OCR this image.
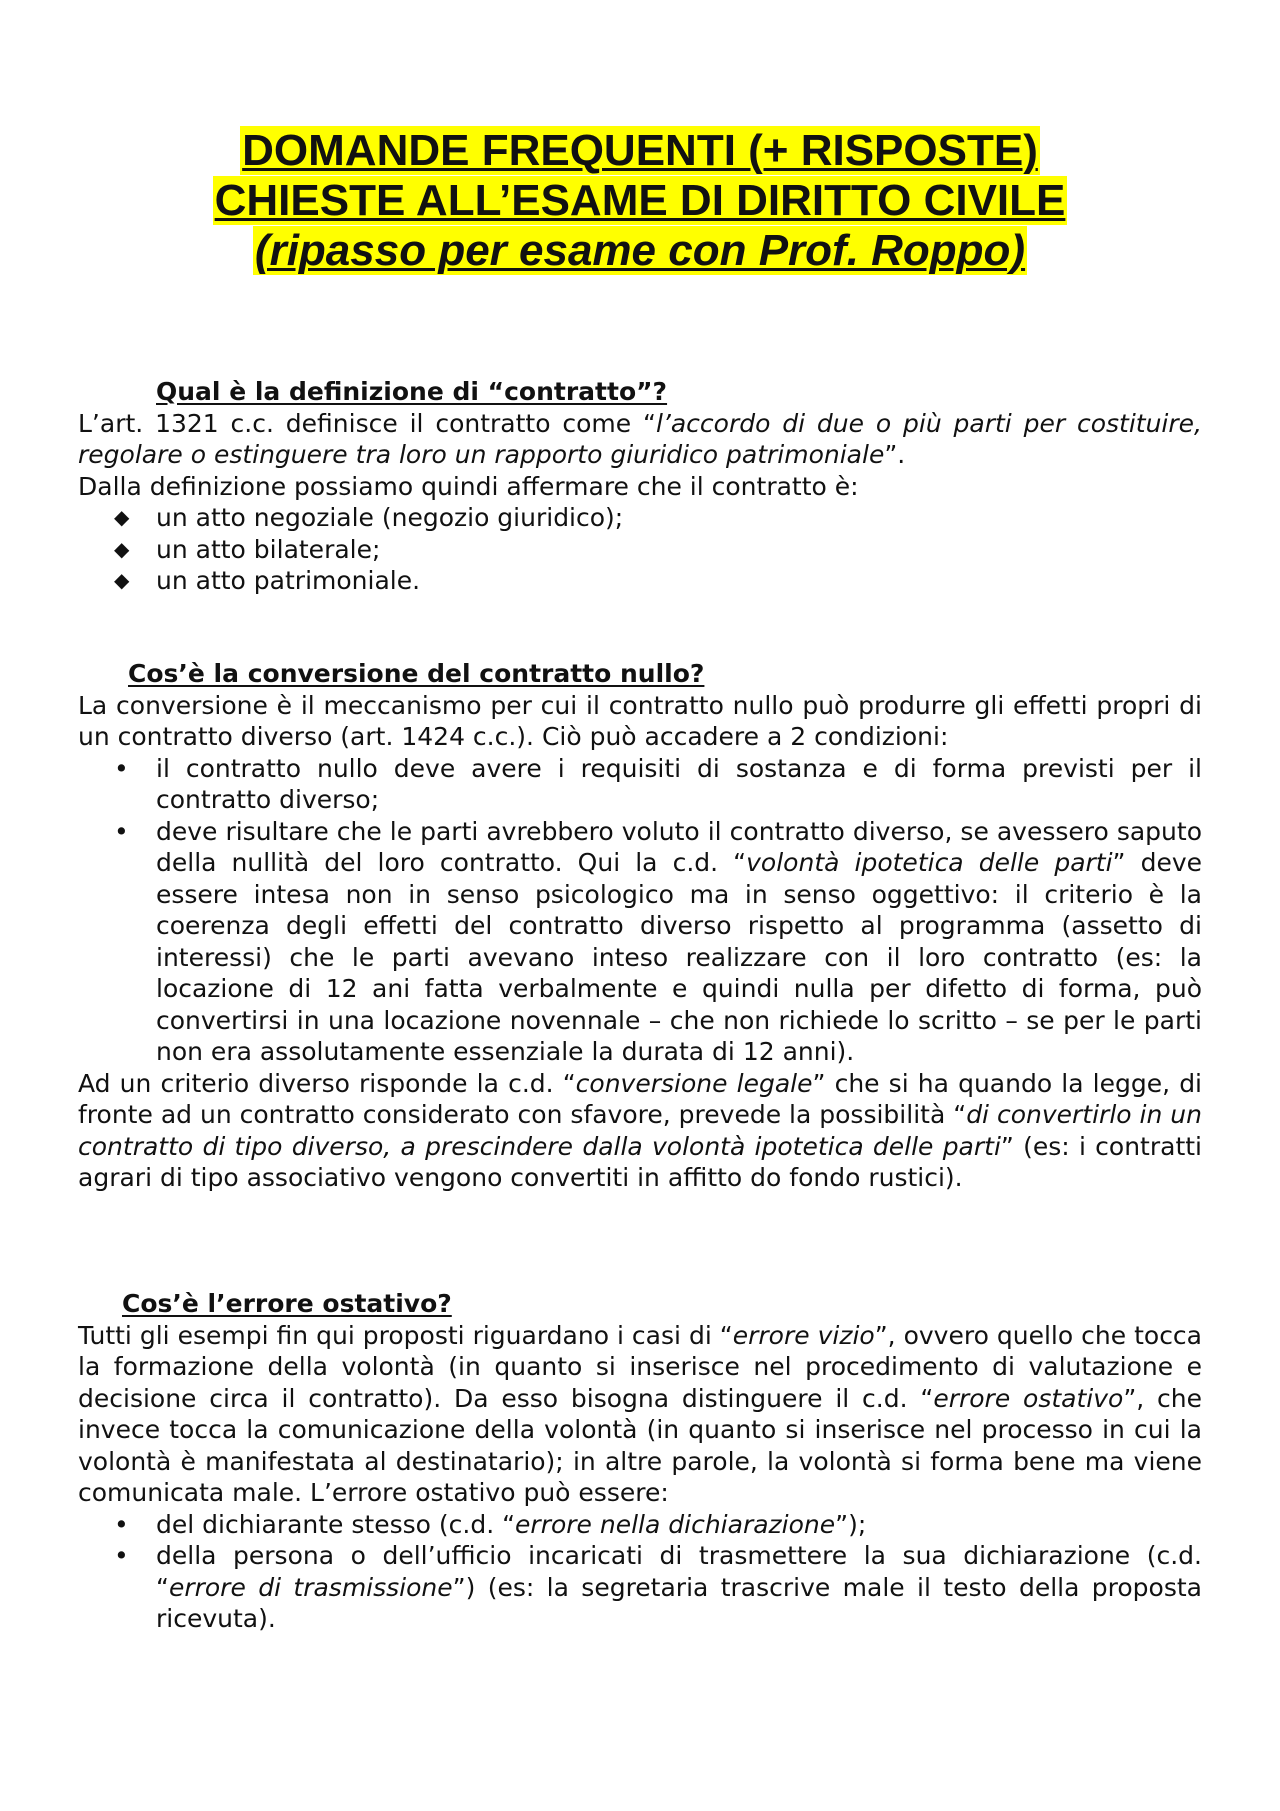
DOMANDE FREQUENTI (+ RISPOSTE)
CHIESTE ALL’ESAME DI DIRITTO CIVILE
(ripasso per esame con Prof. Roppo)
Qual è la definizione di “contratto”?

L’art. 1321 c.c. definisce il contratto come “l’accordo di due o più parti per costituire, regolare o estinguere tra loro un rapporto giuridico patrimoniale”.

Dalla definizione possiamo quindi affermare che il contratto è:

◆	un atto negoziale (negozio giuridico);
◆	un atto bilaterale;
◆	un atto patrimoniale.
Cos’è la conversione del contratto nullo?

La conversione è il meccanismo per cui il contratto nullo può produrre gli effetti propri di un contratto diverso (art. 1424 c.c.). Ciò può accadere a 2 condizioni:

•	il contratto nullo deve avere i requisiti di sostanza e di forma previsti per il contratto diverso;
•	deve risultare che le parti avrebbero voluto il contratto diverso, se avessero saputo della nullità del loro contratto. Qui la c.d. “volontà ipotetica delle parti” deve essere intesa non in senso psicologico ma in senso oggettivo: il criterio è la coerenza degli effetti del contratto diverso rispetto al programma (assetto di interessi) che le parti avevano inteso realizzare con il loro contratto (es: la locazione di 12 ani fatta verbalmente e quindi nulla per difetto di forma, può convertirsi in una locazione novennale – che non richiede lo scritto – se per le parti non era assolutamente essenziale la durata di 12 anni).

Ad un criterio diverso risponde la c.d. “conversione legale” che si ha quando la legge, di fronte ad un contratto considerato con sfavore, prevede la possibilità “di convertirlo in un contratto di tipo diverso, a prescindere dalla volontà ipotetica delle parti” (es: i contratti agrari di tipo associativo vengono convertiti in affitto do fondo rustici).

Cos’è l’errore ostativo?

Tutti gli esempi fin qui proposti riguardano i casi di “errore vizio”, ovvero quello che tocca la formazione della volontà (in quanto si inserisce nel procedimento di valutazione e decisione circa il contratto). Da esso bisogna distinguere il c.d. “errore ostativo”, che invece tocca la comunicazione della volontà (in quanto si inserisce nel processo in cui la volontà è manifestata al destinatario); in altre parole, la volontà si forma bene ma viene comunicata male. L’errore ostativo può essere:

•	del dichiarante stesso (c.d. “errore nella dichiarazione”);
•	della persona o dell’ufficio incaricati di trasmettere la sua dichiarazione (c.d. “errore di trasmissione”) (es: la segretaria trascrive male il testo della proposta ricevuta).
